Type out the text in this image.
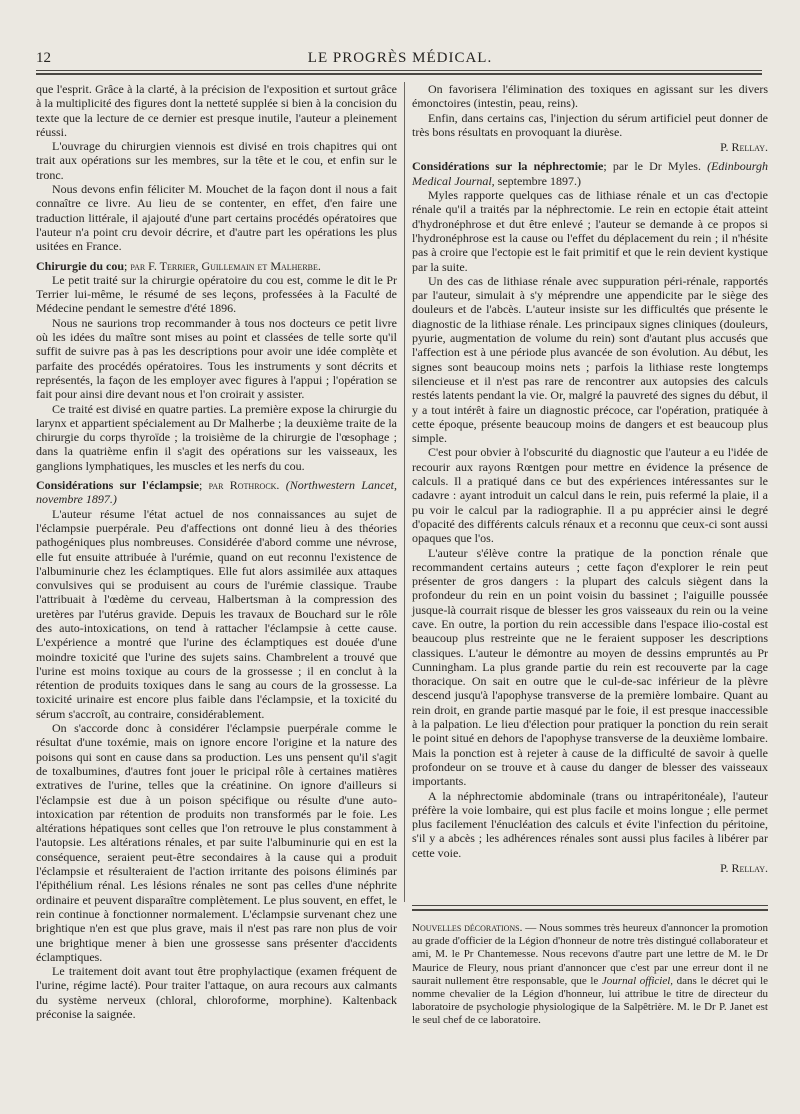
12	LE PROGRÈS MÉDICAL.

que l'esprit. Grâce à la clarté, à la précision de l'exposition et surtout grâce à la multiplicité des figures dont la netteté supplée si bien à la concision du texte que la lecture de ce dernier est presque inutile, l'auteur a pleinement réussi.

L'ouvrage du chirurgien viennois est divisé en trois chapitres qui ont trait aux opérations sur les membres, sur la tête et le cou, et enfin sur le tronc.

Nous devons enfin féliciter M. Mouchet de la façon dont il nous a fait connaître ce livre. Au lieu de se contenter, en effet, d'en faire une traduction littérale, il ajajouté d'une part certains procédés opératoires que l'auteur n'a point cru devoir décrire, et d'autre part les opérations les plus usitées en France.

Chirurgie du cou; par F. Terrier, Guillemain et Malherbe.

Le petit traité sur la chirurgie opératoire du cou est, comme le dit le Pr Terrier lui-même, le résumé de ses leçons, professées à la Faculté de Médecine pendant le semestre d'été 1896.

Nous ne saurions trop recommander à tous nos docteurs ce petit livre où les idées du maître sont mises au point et classées de telle sorte qu'il suffit de suivre pas à pas les descriptions pour avoir une idée complète et parfaite des procédés opératoires. Tous les instruments y sont décrits et représentés, la façon de les employer avec figures à l'appui ; l'opération se fait pour ainsi dire devant nous et l'on croirait y assister.

Ce traité est divisé en quatre parties. La première expose la chirurgie du larynx et appartient spécialement au Dr Malherbe ; la deuxième traite de la chirurgie du corps thyroïde ; la troisième de la chirurgie de l'œsophage ; dans la quatrième enfin il s'agit des opérations sur les vaisseaux, les ganglions lymphatiques, les muscles et les nerfs du cou.

Considérations sur l'éclampsie; par Rothrock. (Northwestern Lancet, novembre 1897.)

L'auteur résume l'état actuel de nos connaissances au sujet de l'éclampsie puerpérale. Peu d'affections ont donné lieu à des théories pathogéniques plus nombreuses. Considérée d'abord comme une névrose, elle fut ensuite attribuée à l'urémie, quand on eut reconnu l'existence de l'albuminurie chez les éclamptiques. Elle fut alors assimilée aux attaques convulsives qui se produisent au cours de l'urémie classique. Traube l'attribuait à l'œdème du cerveau, Halbertsman à la compression des uretères par l'utérus gravide. Depuis les travaux de Bouchard sur le rôle des auto-intoxications, on tend à rattacher l'éclampsie à cette cause. L'expérience a montré que l'urine des éclamptiques est douée d'une moindre toxicité que l'urine des sujets sains. Chambrelent a trouvé que l'urine est moins toxique au cours de la grossesse ; il en conclut à la rétention de produits toxiques dans le sang au cours de la grossesse. La toxicité urinaire est encore plus faible dans l'éclampsie, et la toxicité du sérum s'accroît, au contraire, considérablement.

On s'accorde donc à considérer l'éclampsie puerpérale comme le résultat d'une toxémie, mais on ignore encore l'origine et la nature des poisons qui sont en cause dans sa production. Les uns pensent qu'il s'agit de toxalbumines, d'autres font jouer le pricipal rôle à certaines matières extratives de l'urine, telles que la créatinine. On ignore d'ailleurs si l'éclampsie est due à un poison spécifique ou résulte d'une auto-intoxication par rétention de produits non transformés par le foie. Les altérations hépatiques sont celles que l'on retrouve le plus constamment à l'autopsie. Les altérations rénales, et par suite l'albuminurie qui en est la conséquence, seraient peut-être secondaires à la cause qui a produit l'éclampsie et résulteraient de l'action irritante des poisons éliminés par l'épithélium rénal. Les lésions rénales ne sont pas celles d'une néphrite ordinaire et peuvent disparaître complètement. Le plus souvent, en effet, le rein continue à fonctionner normalement. L'éclampsie survenant chez une brightique n'en est que plus grave, mais il n'est pas rare non plus de voir une brightique mener à bien une grossesse sans présenter d'accidents éclamptiques.

Le traitement doit avant tout être prophylactique (examen fréquent de l'urine, régime lacté). Pour traiter l'attaque, on aura recours aux calmants du système nerveux (chloral, chloroforme, morphine). Kaltenback préconise la saignée.

On favorisera l'élimination des toxiques en agissant sur les divers émonctoires (intestin, peau, reins).

Enfin, dans certains cas, l'injection du sérum artificiel peut donner de très bons résultats en provoquant la diurèse.

P. Rellay.

Considérations sur la néphrectomie; par le Dr Myles. (Edinbourgh Medical Journal, septembre 1897.)

Myles rapporte quelques cas de lithiase rénale et un cas d'ectopie rénale qu'il a traités par la néphrectomie. Le rein en ectopie était atteint d'hydronéphrose et dut être enlevé ; l'auteur se demande à ce propos si l'hydronéphrose est la cause ou l'effet du déplacement du rein ; il n'hésite pas à croire que l'ectopie est le fait primitif et que le rein devient kystique par la suite.

Un des cas de lithiase rénale avec suppuration péri-rénale, rapportés par l'auteur, simulait à s'y méprendre une appendicite par le siège des douleurs et de l'abcès. L'auteur insiste sur les difficultés que présente le diagnostic de la lithiase rénale. Les principaux signes cliniques (douleurs, pyurie, augmentation de volume du rein) sont d'autant plus accusés que l'affection est à une période plus avancée de son évolution. Au début, les signes sont beaucoup moins nets ; parfois la lithiase reste longtemps silencieuse et il n'est pas rare de rencontrer aux autopsies des calculs restés latents pendant la vie. Or, malgré la pauvreté des signes du début, il y a tout intérêt à faire un diagnostic précoce, car l'opération, pratiquée à cette époque, présente beaucoup moins de dangers et est beaucoup plus simple.

C'est pour obvier à l'obscurité du diagnostic que l'auteur a eu l'idée de recourir aux rayons Rœntgen pour mettre en évidence la présence de calculs. Il a pratiqué dans ce but des expériences intéressantes sur le cadavre : ayant introduit un calcul dans le rein, puis refermé la plaie, il a pu voir le calcul par la radiographie. Il a pu apprécier ainsi le degré d'opacité des différents calculs rénaux et a reconnu que ceux-ci sont aussi opaques que l'os.

L'auteur s'élève contre la pratique de la ponction rénale que recommandent certains auteurs ; cette façon d'explorer le rein peut présenter de gros dangers : la plupart des calculs siègent dans la profondeur du rein en un point voisin du bassinet ; l'aiguille poussée jusque-là courrait risque de blesser les gros vaisseaux du rein ou la veine cave. En outre, la portion du rein accessible dans l'espace ilio-costal est beaucoup plus restreinte que ne le feraient supposer les descriptions classiques. L'auteur le démontre au moyen de dessins empruntés au Pr Cunningham. La plus grande partie du rein est recouverte par la cage thoracique. On sait en outre que le cul-de-sac inférieur de la plèvre descend jusqu'à l'apophyse transverse de la première lombaire. Quant au rein droit, en grande partie masqué par le foie, il est presque inaccessible à la palpation. Le lieu d'élection pour pratiquer la ponction du rein serait le point situé en dehors de l'apophyse transverse de la deuxième lombaire. Mais la ponction est à rejeter à cause de la difficulté de savoir à quelle profondeur on se trouve et à cause du danger de blesser des vaisseaux importants.

A la néphrectomie abdominale (trans ou intrapéritonéale), l'auteur préfère la voie lombaire, qui est plus facile et moins longue ; elle permet plus facilement l'énucléation des calculs et évite l'infection du péritoine, s'il y a abcès ; les adhérences rénales sont aussi plus faciles à libérer par cette voie.

P. Rellay.

Nouvelles décorations. — Nous sommes très heureux d'annoncer la promotion au grade d'officier de la Légion d'honneur de notre très distingué collaborateur et ami, M. le Pr Chantemesse. Nous recevons d'autre part une lettre de M. le Dr Maurice de Fleury, nous priant d'annoncer que c'est par une erreur dont il ne saurait nullement être responsable, que le Journal officiel, dans le décret qui le nomme chevalier de la Légion d'honneur, lui attribue le titre de directeur du laboratoire de psychologie physiologique de la Salpêtrière. M. le Dr P. Janet est le seul chef de ce laboratoire.
